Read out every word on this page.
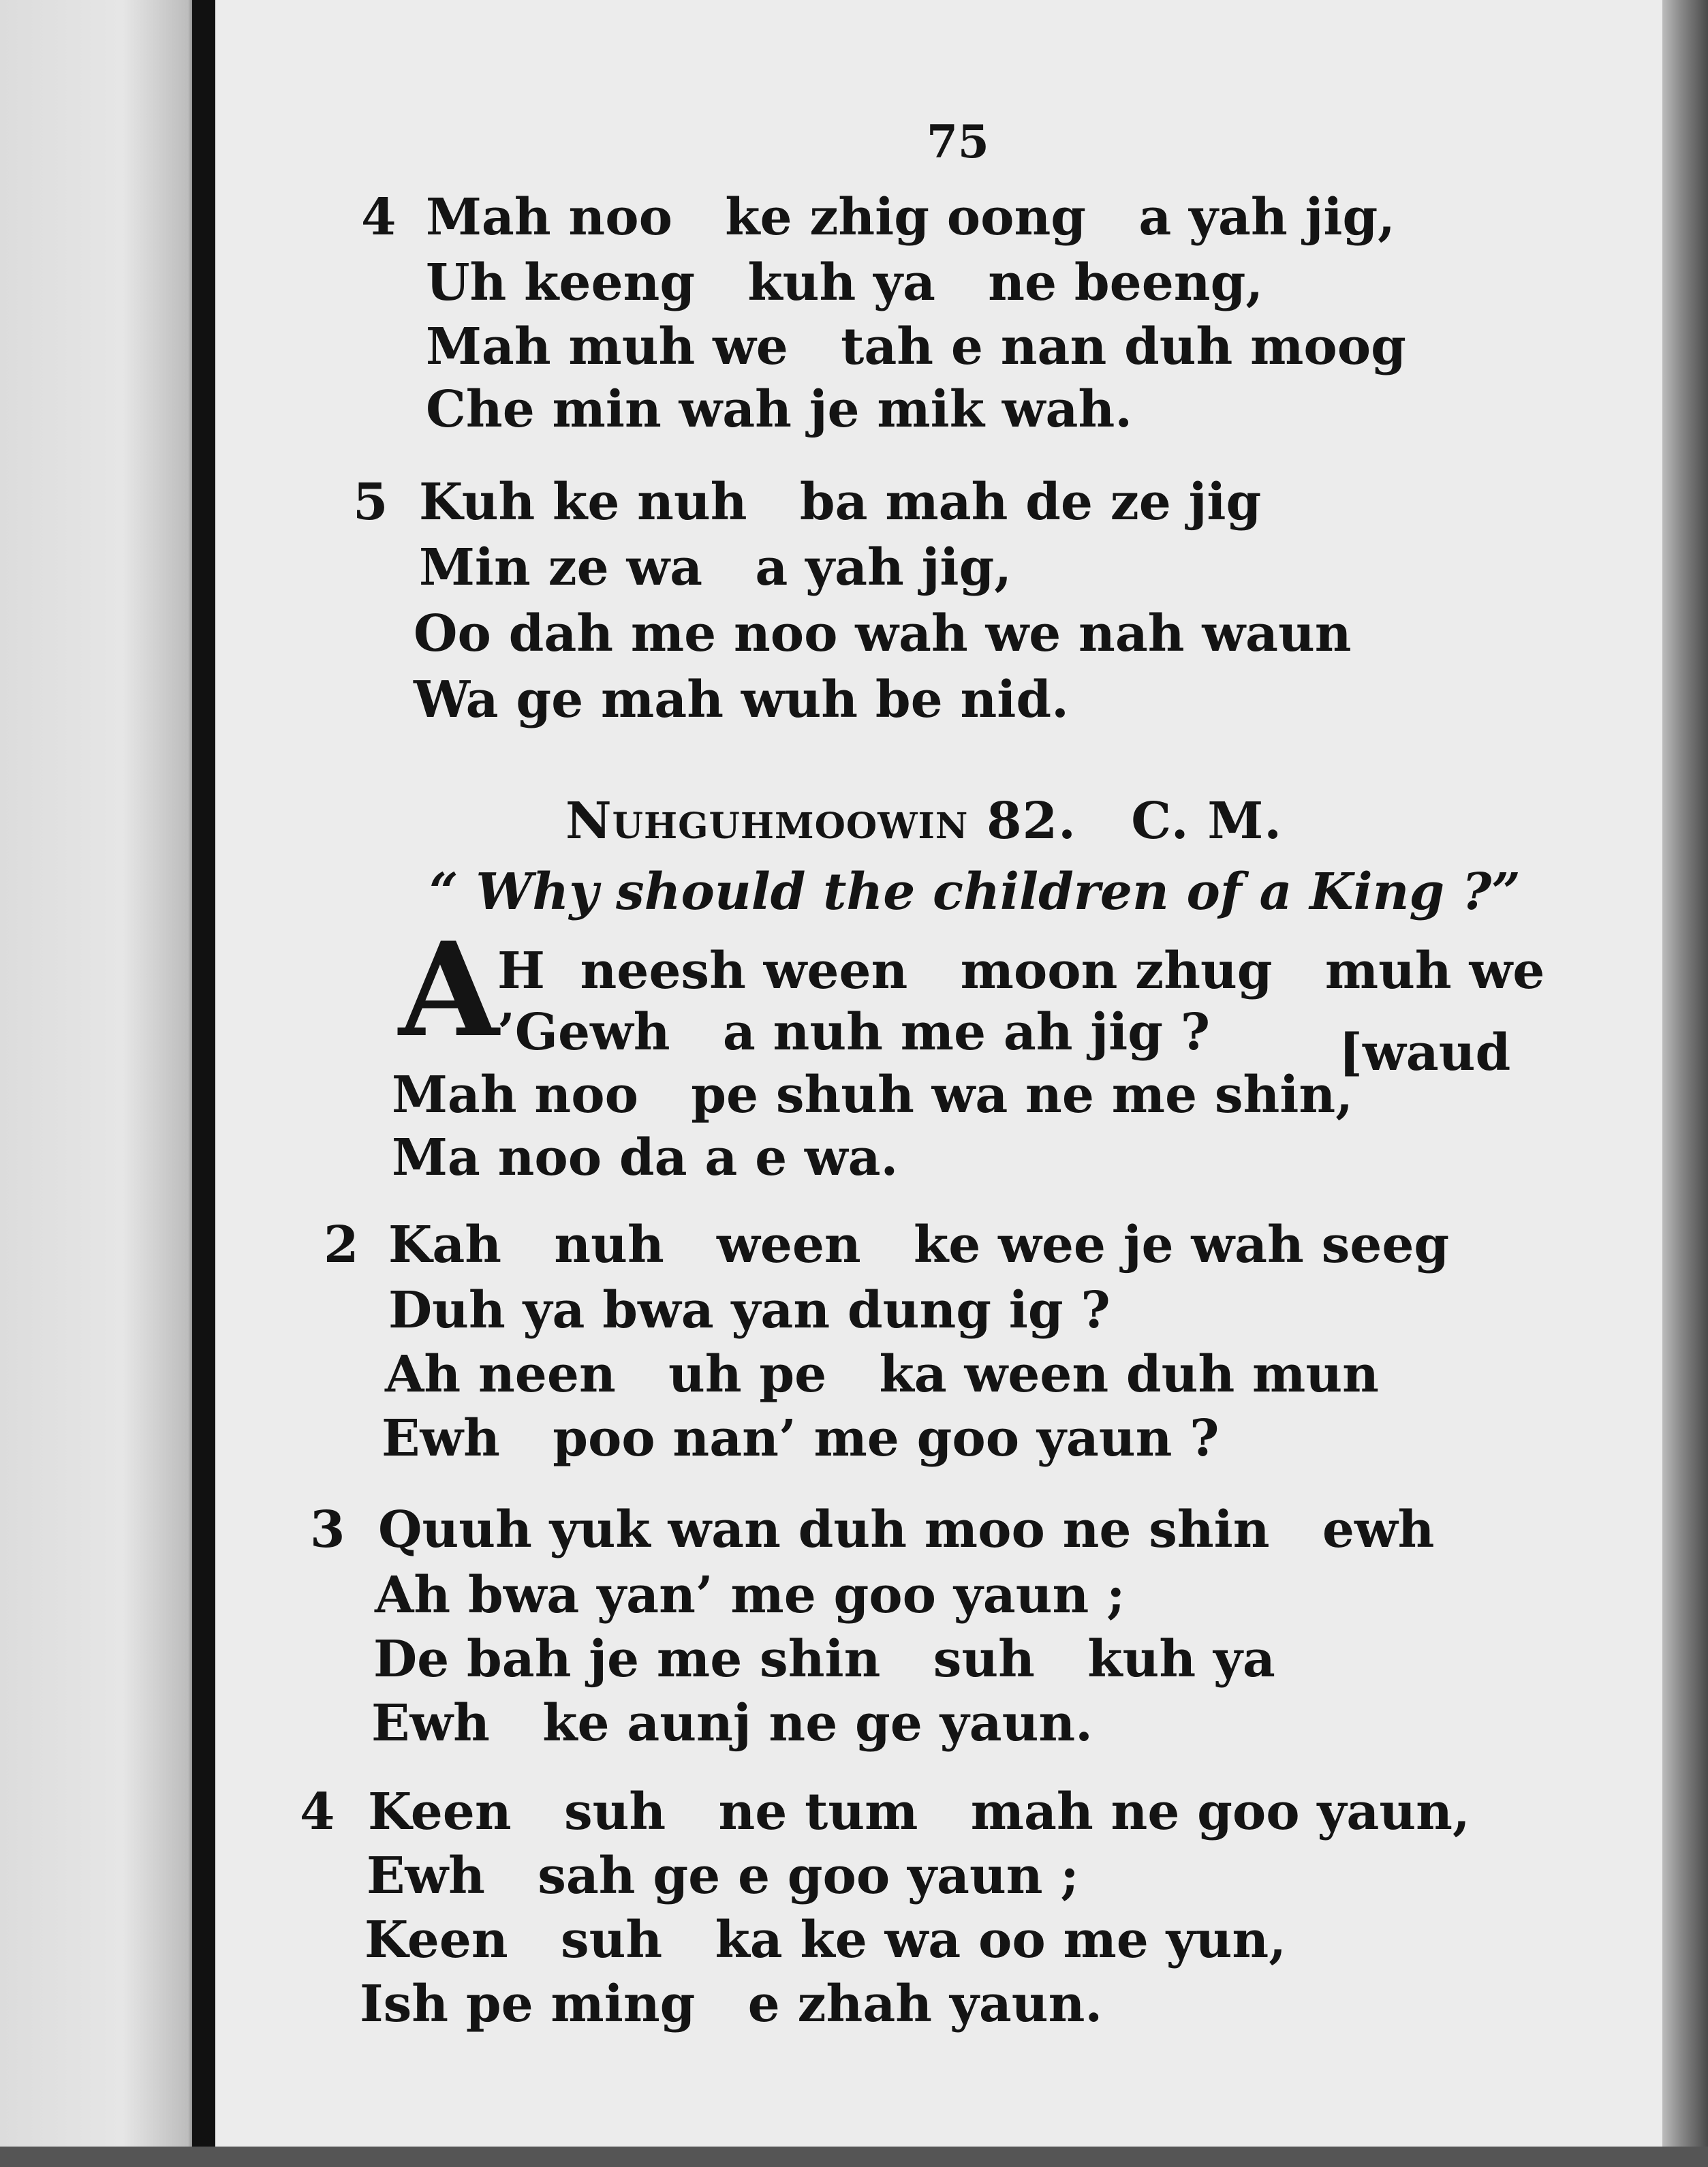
75
4 Mah noo   ke zhig oong   a yah jig,
Uh keeng   kuh ya   ne beeng,
Mah muh we   tah e nan duh moog
Che min wah je mik wah.
5 Kuh ke nuh   ba mah de ze jig
Min ze wa   a yah jig,
Oo dah me noo wah we nah waun
Wa ge mah wuh be nid.
Nuhguhmoowin 82.   C. M.
“ Why should the children of a King ?”
A
H  neesh ween   moon zhug   muh we
’Gewh   a nuh me ah jig ?	[waud
Mah noo   pe shuh wa ne me shin,
Ma noo da a e wa.
2 Kah   nuh   ween   ke wee je wah seeg
Duh ya bwa yan dung ig ?
Ah neen   uh pe   ka ween duh mun
Ewh   poo nan’ me goo yaun ?
3 Quuh yuk wan duh moo ne shin   ewh
Ah bwa yan’ me goo yaun ;
De bah je me shin   suh   kuh ya
Ewh   ke aunj ne ge yaun.
4 Keen   suh   ne tum   mah ne goo yaun,
Ewh   sah ge e goo yaun ;
Keen   suh   ka ke wa oo me yun,
Ish pe ming   e zhah yaun.
